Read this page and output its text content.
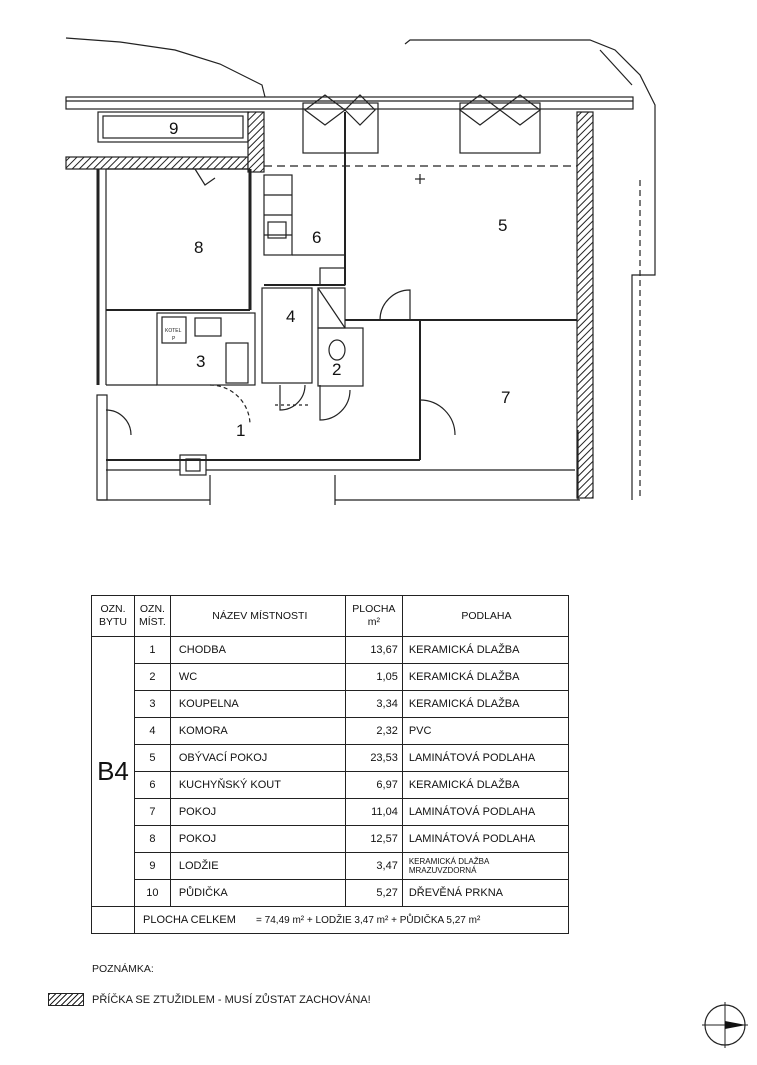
KOTEL
P
9
8
6
5
4
3	2
1
7
OZN. BYTU	OZN. MÍST.	NÁZEV MÍSTNOSTI	PLOCHA m²	PODLAHA
B4	1	CHODBA	13,67	KERAMICKÁ DLAŽBA
	2	WC	1,05	KERAMICKÁ DLAŽBA
	3	KOUPELNA	3,34	KERAMICKÁ DLAŽBA
	4	KOMORA	2,32	PVC
	5	OBÝVACÍ POKOJ	23,53	LAMINÁTOVÁ PODLAHA
	6	KUCHYŇSKÝ KOUT	6,97	KERAMICKÁ DLAŽBA
	7	POKOJ	11,04	LAMINÁTOVÁ PODLAHA
	8	POKOJ	12,57	LAMINÁTOVÁ PODLAHA
	9	LODŽIE	3,47	KERAMICKÁ DLAŽBA
MRAZUVZDORNÁ

	10	PŮDIČKA	5,27	DŘEVĚNÁ PRKNA
	PLOCHA CELKEM = 74,49 m² + LODŽIE 3,47 m² + PŮDIČKA 5,27 m²			
POZNÁMKA:
PŘÍČKA SE ZTUŽIDLEM - MUSÍ ZŮSTAT ZACHOVÁNA!
